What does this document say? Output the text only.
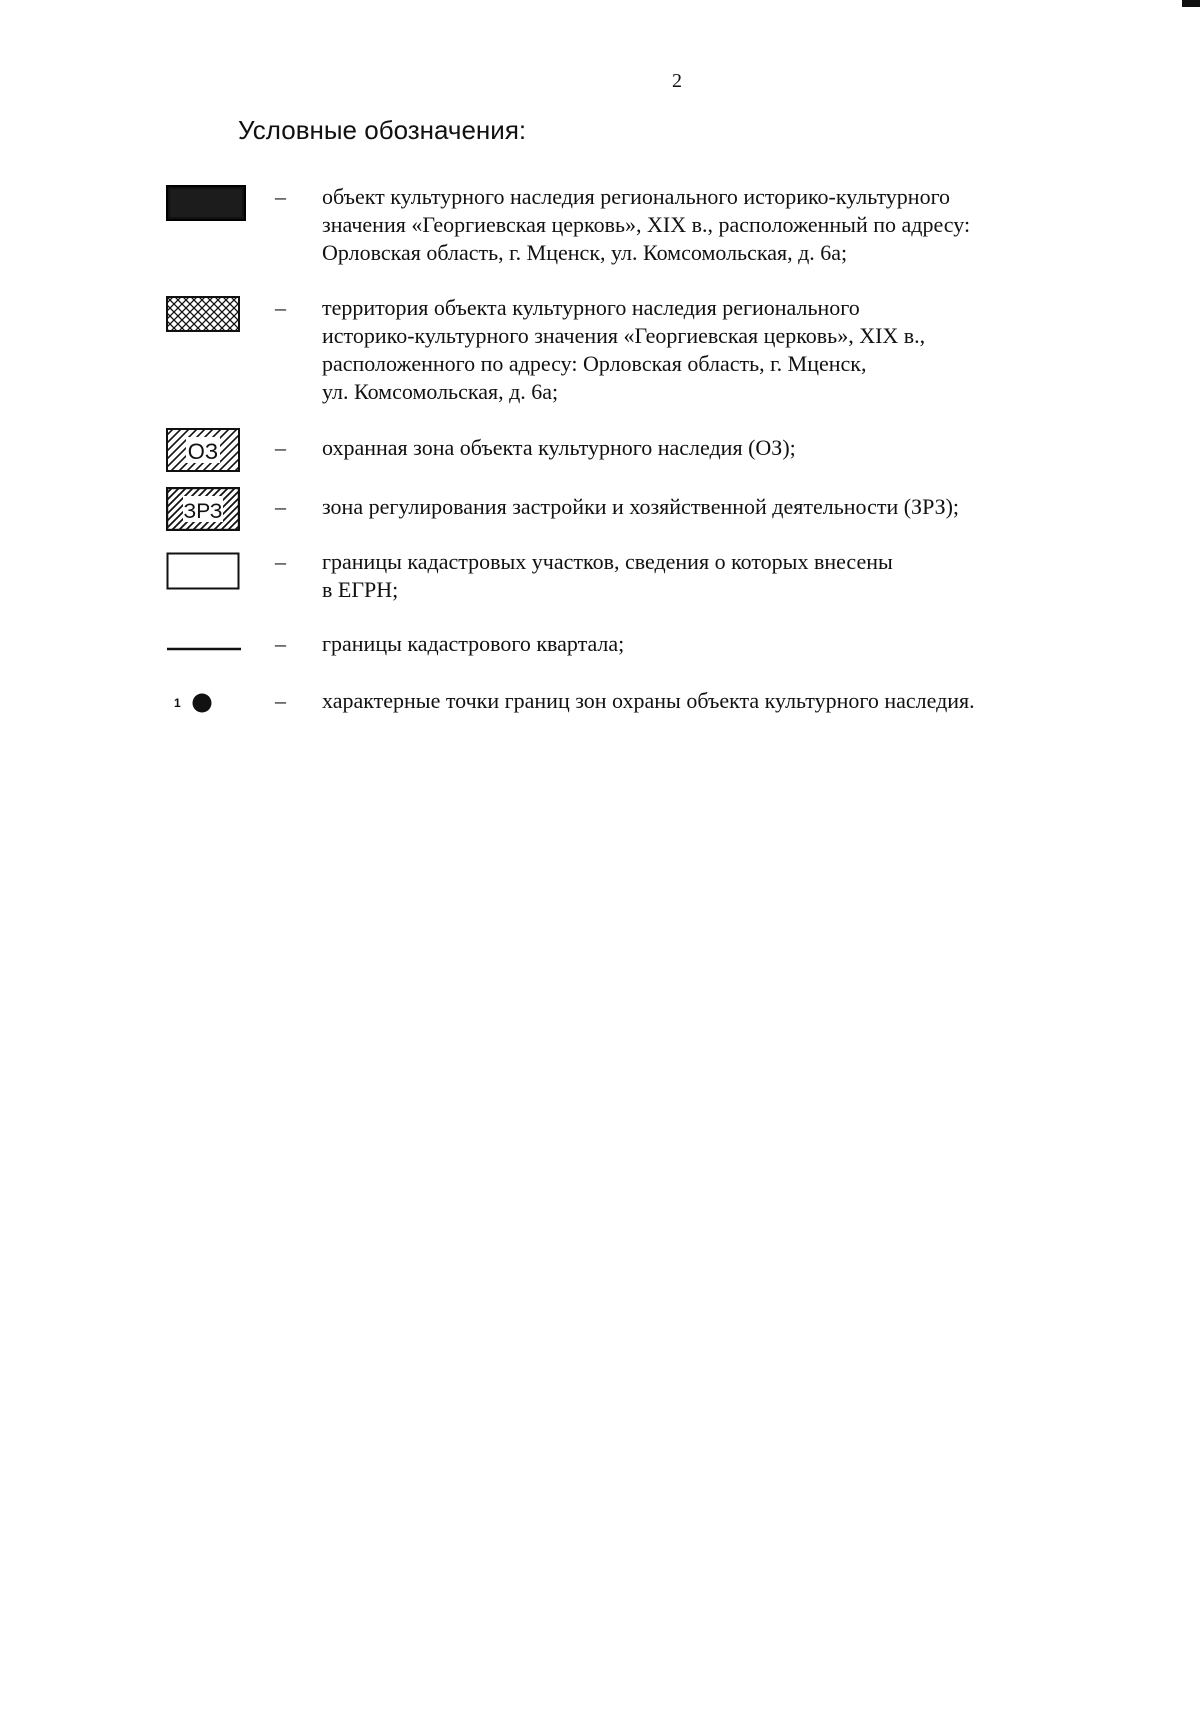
2
Условные обозначения:
– объект культурного наследия регионального историко-культурного
значения «Георгиевская церковь», XIX в., расположенный по адресу:
Орловская область, г. Мценск, ул. Комсомольская, д. 6а;
– территория объекта культурного наследия регионального
историко-культурного значения «Георгиевская церковь», XIX в.,
расположенного по адресу: Орловская область, г. Мценск,
ул. Комсомольская, д. 6а;
ОЗ	– охранная зона объекта культурного наследия (ОЗ);
ЗРЗ – зона регулирования застройки и хозяйственной деятельности (ЗРЗ);
– границы кадастровых участков, сведения о которых внесены
в ЕГРН;
– границы кадастрового квартала;
1	– характерные точки границ зон охраны объекта культурного наследия.
